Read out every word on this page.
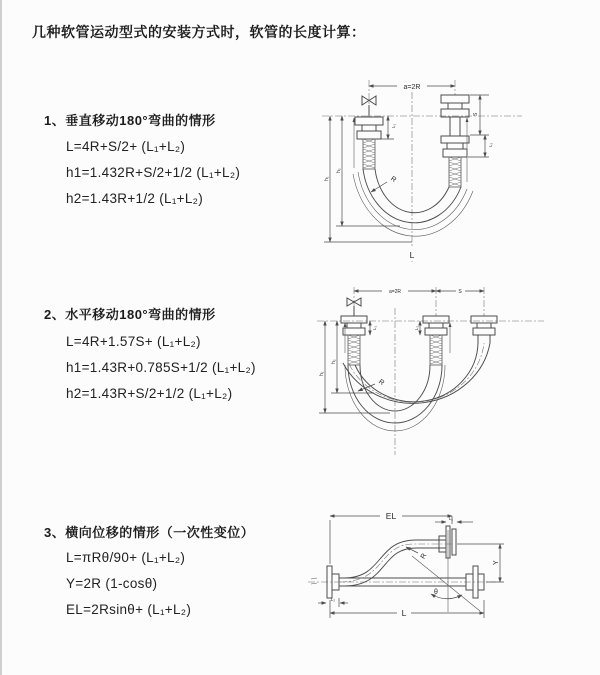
几种软管运动型式的安装方式时，软管的长度计算：
1、垂直移动180°弯曲的情形
L=4R+S/2+ (L₁+L₂)
h1=1.432R+S/2+1/2 (L₁+L₂)
h2=1.43R+1/2 (L₁+L₂)
2、水平移动180°弯曲的情形
L=4R+1.57S+ (L₁+L₂)
h1=1.43R+0.785S+1/2 (L₁+L₂)
h2=1.43R+S/2+1/2 (L₁+L₂)
3、横向位移的情形（一次性变位）
L=πRθ/90+ (L₁+L₂)
Y=2R (1-cosθ)
EL=2Rsinθ+ (L₁+L₂)
a=2R
R
h₁
h₂
L₁
S
L₂
L
a=2R	S
R
h₁
h₂
L₁	L₂
EL	L₁
Y
R
θ
L₂
L
